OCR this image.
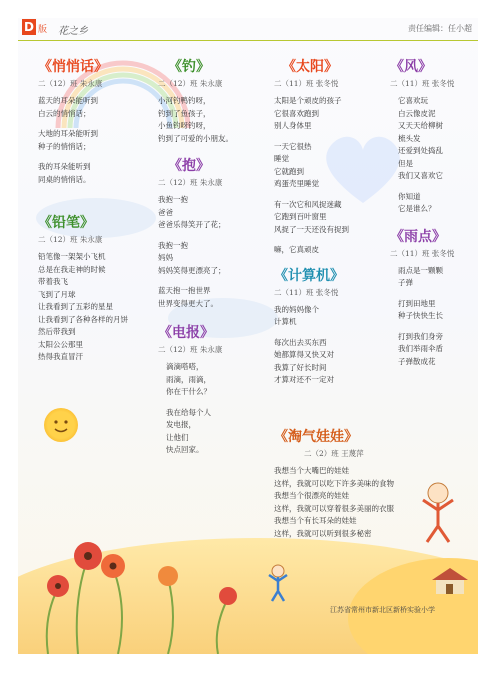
D 版 花之乡	责任编辑：任小超

《悄悄话》

二（12）班 朱永康

蓝天的耳朵能听到
白云的悄悄话；
大地的耳朵能听到
种子的悄悄话；
我的耳朵能听到
同桌的悄悄话。

《铅笔》

二（12）班 朱永康

铅笔像一架架小飞机
总是在我走神的时候
带着我飞
飞到了月球
让我看到了五彩的星星
让我看到了各种各样的月饼
然后带我到
太阳公公那里
热得我直冒汗

《钓》

二（12）班 朱永康

小河钓鸭钓呀，
钓到了鱼孩子，
小鱼钓呀钓呀，
钓到了可爱的小朋友。

《抱》

二（12）班 朱永康

我抱一抱
爸爸
爸爸乐得笑开了花；
我抱一抱
妈妈
妈妈笑得更漂亮了；
蓝天抱一抱世界
世界变得更大了。

《电报》

二（12）班 朱永康

滴滴嗒嗒，
雨滴，雨滴，
你在干什么？
我在给每个人
发电报，
让他们
快点回家。

《太阳》

二（11）班 张冬悦

太阳是个顽皮的孩子
它很喜欢跑到
别人身体里
一天它很热
睡觉
它就跑到
鸡蛋壳里睡觉
有一次它和风捉迷藏
它跑到百叶窗里
风捉了一天还没有捉到
嘛，它真顽皮

《计算机》

二（11）班 张冬悦

我的妈妈像个
计算机
每次出去买东西
她都算得又快又对
我算了好长时间
才算对还不一定对

《淘气娃娃》

二（2）班 王蔑萍

我想当个大嘴巴的娃娃
这样，我就可以吃下许多美味的食物
我想当个很漂亮的娃娃
这样，我就可以穿着很多美丽的衣服
我想当个有长耳朵的娃娃
这样，我就可以听到很多秘密

《风》

二（11）班 张冬悦

它喜欢玩
白云像皮泥
又天天给柳树
梳头发
还爱到处捣乱
但是
我们又喜欢它
你知道
它是谁么？

《雨点》

二（11）班 张冬悦

雨点是一颗颗
子弹
打到田地里
种子快快生长
打到我们身旁
我们举雨伞盾
子弹散成花
江苏省常州市新北区新桥实验小学
